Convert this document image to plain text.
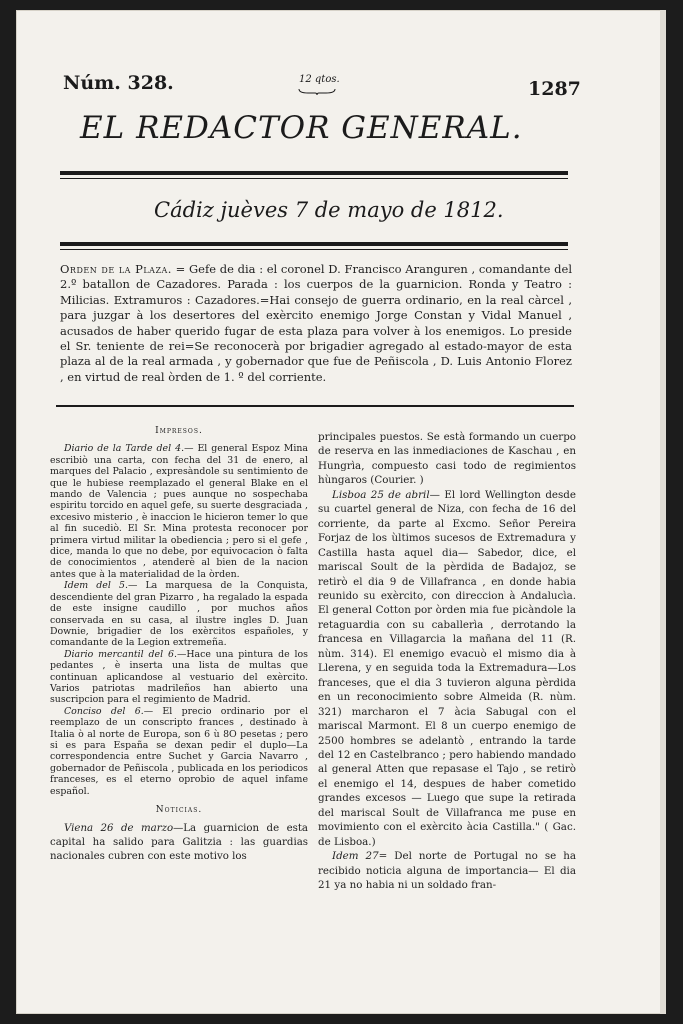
Núm. 328.	12 qtos.	1287
EL REDACTOR GENERAL.
Cádiz juèves 7 de mayo de 1812.
Orden de la Plaza. = Gefe de dia : el coronel D. Francisco Aranguren , comandante del 2.º batallon de Cazadores. Parada : los cuerpos de la guarnicion. Ronda y Teatro : Milicias. Extramuros : Cazadores.=Hai consejo de guerra ordinario, en la real càrcel , para juzgar à los desertores del exèrcito enemigo Jorge Constan y Vidal Manuel , acusados de haber querido fugar de esta plaza para volver à los enemigos. Lo preside el Sr. teniente de rei=Se reconocerà por brigadier agregado al estado-mayor de esta plaza al de la real armada , y gobernador que fue de Peñiscola , D. Luis Antonio Florez , en virtud de real òrden de 1. º del corriente.
Impresos.

Diario de la Tarde del 4.— El general Espoz Mina escribiò una carta, con fecha del 31 de enero, al marques del Palacio , expresàndole su sentimiento de que le hubiese reemplazado el general Blake en el mando de Valencia ; pues aunque no sospechaba espiritu torcido en aquel gefe, su suerte desgraciada , excesivo misterio , è inaccion le hicieron temer lo que al fin sucediò. El Sr. Mina protesta reconocer por primera virtud militar la obediencia ; pero si el gefe , dice, manda lo que no debe, por equivocacion ò falta de conocimientos , atenderè al bien de la nacion antes que à la materialidad de la òrden.

Idem del 5.— La marquesa de la Conquista, descendiente del gran Pizarro , ha regalado la espada de este insigne caudillo , por muchos años conservada en su casa, al ilustre ingles D. Juan Downie, brigadier de los exèrcitos españoles, y comandante de la Legion extremeña.

Diario mercantil del 6.—Hace una pintura de los pedantes , è inserta una lista de multas que continuan aplicandose al vestuario del exèrcito. Varios patriotas madrileños han abierto una suscripcion para el regimiento de Madrid.

Conciso del 6.— El precio ordinario por el reemplazo de un conscripto frances , destinado à Italia ò al norte de Europa, son 6 ù 8O pesetas ; pero si es para España se dexan pedir el duplo—La correspondencia entre Suchet y Garcia Navarro , gobernador de Peñiscola , publicada en los periodicos franceses, es el eterno oprobio de aquel infame español.

Noticias.

Viena 26 de marzo—La guarnicion de esta capital ha salido para Galitzia : las guardias nacionales cubren con este motivo los

principales puestos. Se està formando un cuerpo de reserva en las inmediaciones de Kaschau , en Hungrìa, compuesto casi todo de regimientos hùngaros (Courier. )

Lisboa 25 de abril— El lord Wellington desde su cuartel general de Niza, con fecha de 16 del corriente, da parte al Excmo. Señor Pereira Forjaz de los ùltimos sucesos de Extremadura y Castilla hasta aquel dia— Sabedor, dice, el mariscal Soult de la pèrdida de Badajoz, se retirò el dia 9 de Villafranca , en donde habia reunido su exèrcito, con direccion à Andalucìa. El general Cotton por òrden mia fue picàndole la retaguardia con su caballerìa , derrotando la francesa en Villagarcia la mañana del 11 (R. nùm. 314). El enemigo evacuò el mismo dia à Llerena, y en seguida toda la Extremadura—Los franceses, que el dia 3 tuvieron alguna pèrdida en un reconocimiento sobre Almeida (R. nùm. 321) marcharon el 7 àcia Sabugal con el mariscal Marmont. El 8 un cuerpo enemigo de 2500 hombres se adelantò , entrando la tarde del 12 en Castelbranco ; pero habiendo mandado al general Atten que repasase el Tajo , se retirò el enemigo el 14, despues de haber cometido grandes excesos — Luego que supe la retirada del mariscal Soult de Villafranca me puse en movimiento con el exèrcito àcia Castilla." ( Gac. de Lisboa.)

Idem 27= Del norte de Portugal no se ha recibido noticia alguna de importancia— El dia 21 ya no habia ni un soldado fran-
